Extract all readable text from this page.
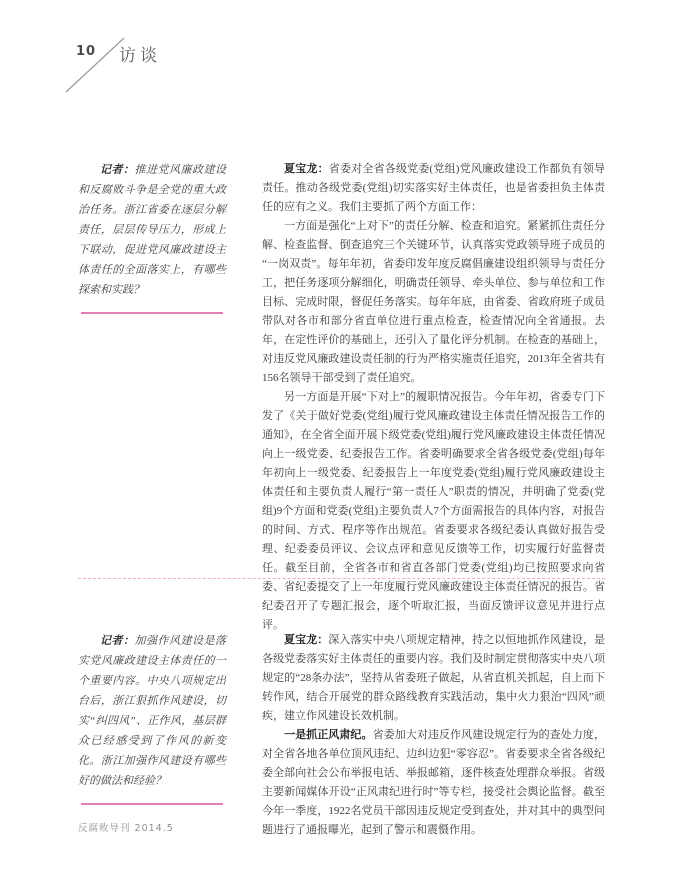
10 访谈

记者：推进党风廉政建设和反腐败斗争是全党的重大政治任务。浙江省委在逐层分解责任，层层传导压力，形成上下联动，促进党风廉政建设主体责任的全面落实上，有哪些探索和实践？

夏宝龙：省委对全省各级党委(党组)党风廉政建设工作都负有领导责任。推动各级党委(党组)切实落实好主体责任，也是省委担负主体责任的应有之义。我们主要抓了两个方面工作：

一方面是强化“上对下”的责任分解、检查和追究。紧紧抓住责任分解、检查监督、倒查追究三个关键环节，认真落实党政领导班子成员的“一岗双责”。每年年初，省委印发年度反腐倡廉建设组织领导与责任分工，把任务逐项分解细化，明确责任领导、牵头单位、参与单位和工作目标、完成时限，督促任务落实。每年年底，由省委、省政府班子成员带队对各市和部分省直单位进行重点检查，检查情况向全省通报。去年，在定性评价的基础上，还引入了量化评分机制。在检查的基础上，对违反党风廉政建设责任制的行为严格实施责任追究，2013年全省共有156名领导干部受到了责任追究。

另一方面是开展“下对上”的履职情况报告。今年年初，省委专门下发了《关于做好党委(党组)履行党风廉政建设主体责任情况报告工作的通知》，在全省全面开展下级党委(党组)履行党风廉政建设主体责任情况向上一级党委、纪委报告工作。省委明确要求全省各级党委(党组)每年年初向上一级党委、纪委报告上一年度党委(党组)履行党风廉政建设主体责任和主要负责人履行“第一责任人”职责的情况，并明确了党委(党组)9个方面和党委(党组)主要负责人7个方面需报告的具体内容，对报告的时间、方式、程序等作出规范。省委要求各级纪委认真做好报告受理、纪委委员评议、会议点评和意见反馈等工作，切实履行好监督责任。截至目前，全省各市和省直各部门党委(党组)均已按照要求向省委、省纪委提交了上一年度履行党风廉政建设主体责任情况的报告。省纪委召开了专题汇报会，逐个听取汇报，当面反馈评议意见并进行点评。

记者：加强作风建设是落实党风廉政建设主体责任的一个重要内容。中央八项规定出台后，浙江狠抓作风建设，切实“纠四风”、正作风，基层群众已经感受到了作风的新变化。浙江加强作风建设有哪些好的做法和经验？

夏宝龙：深入落实中央八项规定精神，持之以恒地抓作风建设，是各级党委落实好主体责任的重要内容。我们及时制定贯彻落实中央八项规定的“28条办法”，坚持从省委班子做起，从省直机关抓起，自上而下转作风，结合开展党的群众路线教育实践活动，集中火力狠治“四风”顽疾，建立作风建设长效机制。

一是抓正风肃纪。省委加大对违反作风建设规定行为的查处力度，对全省各地各单位顶风违纪、边纠边犯“零容忍”。省委要求全省各级纪委全部向社会公布举报电话、举报邮箱，逐件核查处理群众举报。省级主要新闻媒体开设“正风肃纪进行时”等专栏，接受社会舆论监督。截至今年一季度，1922名党员干部因违反规定受到查处，并对其中的典型问题进行了通报曝光，起到了警示和震慑作用。

反腐败导刊 2014.5
